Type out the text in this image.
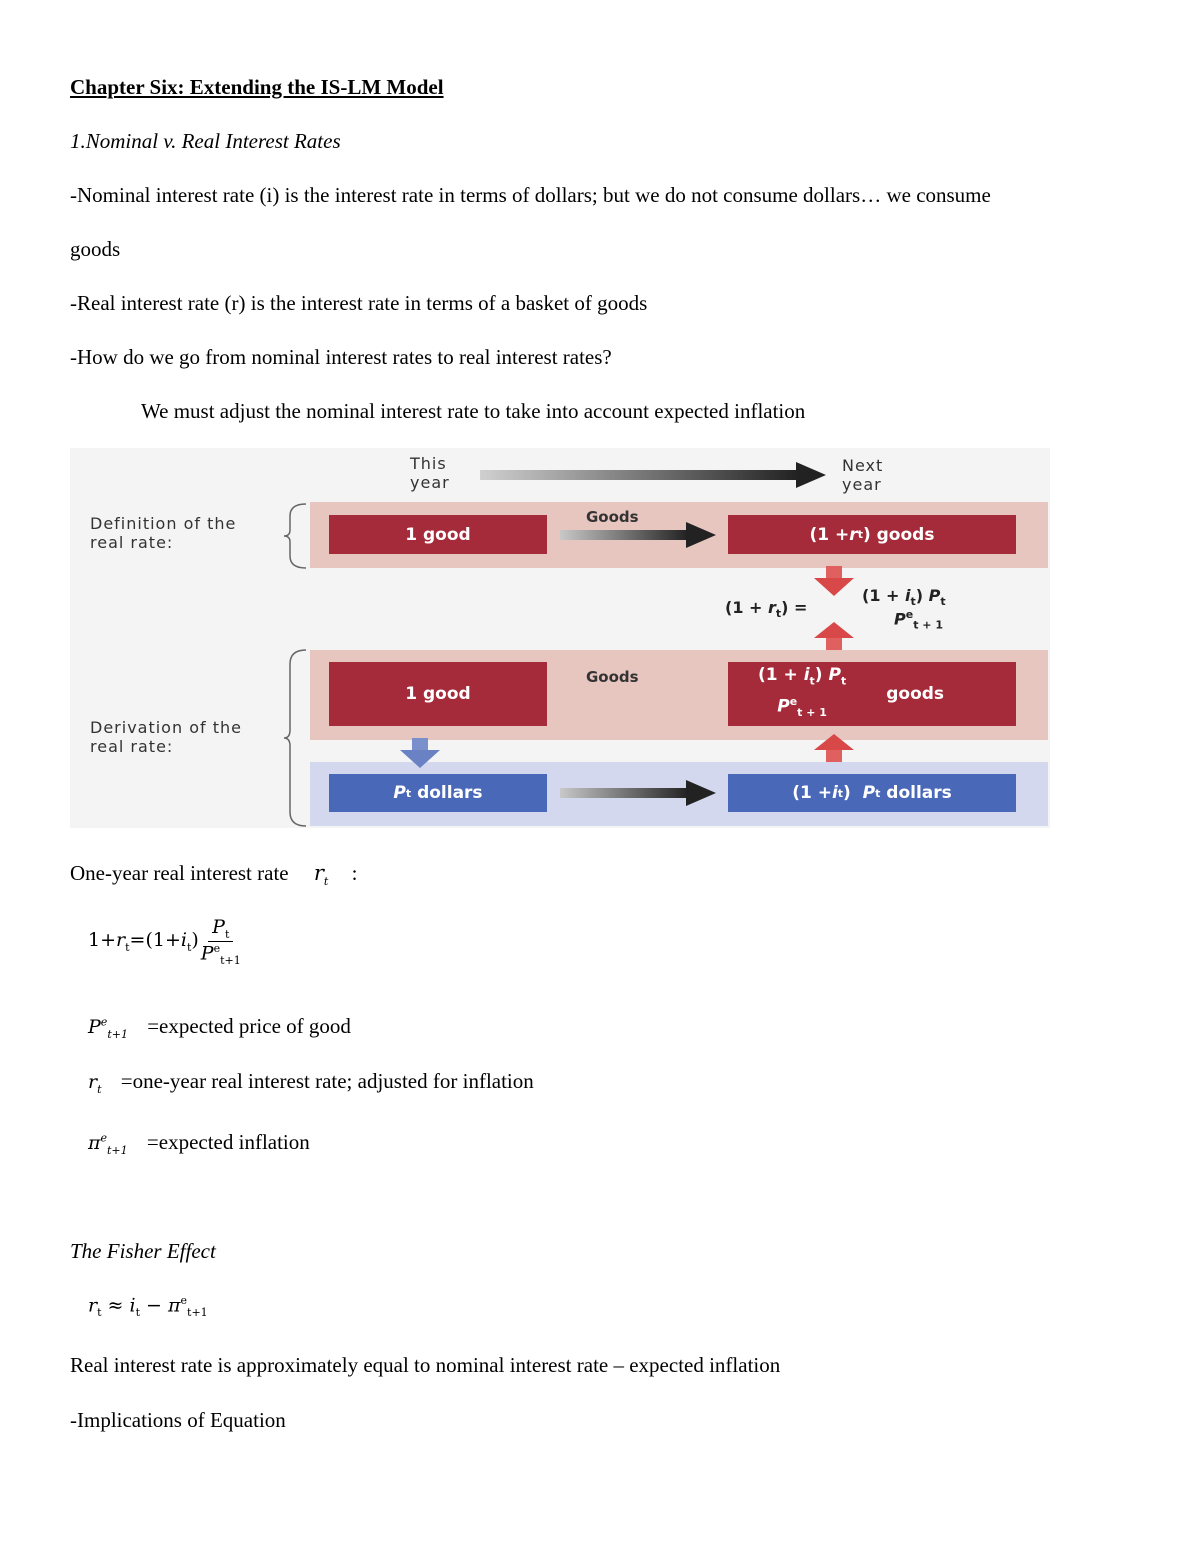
Chapter Six: Extending the IS-LM Model
1.Nominal v. Real Interest Rates
-Nominal interest rate (i) is the interest rate in terms of dollars; but we do not consume dollars… we consume
goods
-Real interest rate (r) is the interest rate in terms of a basket of goods
-How do we go from nominal interest rates to real interest rates?
We must adjust the nominal interest rate to take into account expected inflation
This year
Next year
Definition of the real rate:
Derivation of the real rate:
Goods
Goods
1 good	(1 + r t ) goods
$(1 + r_t)$ =
$(1 + i_t)$ $P_t$
$P^e_{t + 1}$
1 good
$(1 + i_t)$ $P_t$
$P^e_{t + 1}$
goods
P t dollars	(1 + i t ) P t dollars
One-year real interest rate $r_t$ :
$1+r_t=(1+i_t)$
$P_t$
$P^e_{t+1}$
$P^e_{t+1}$ =expected price of good
$r_t$ =one-year real interest rate; adjusted for inflation
$\pi^e_{t+1}$ =expected inflation
The Fisher Effect
$r_t \approx i_t - \pi^e_{t+1}$
Real interest rate is approximately equal to nominal interest rate – expected inflation
-Implications of Equation
